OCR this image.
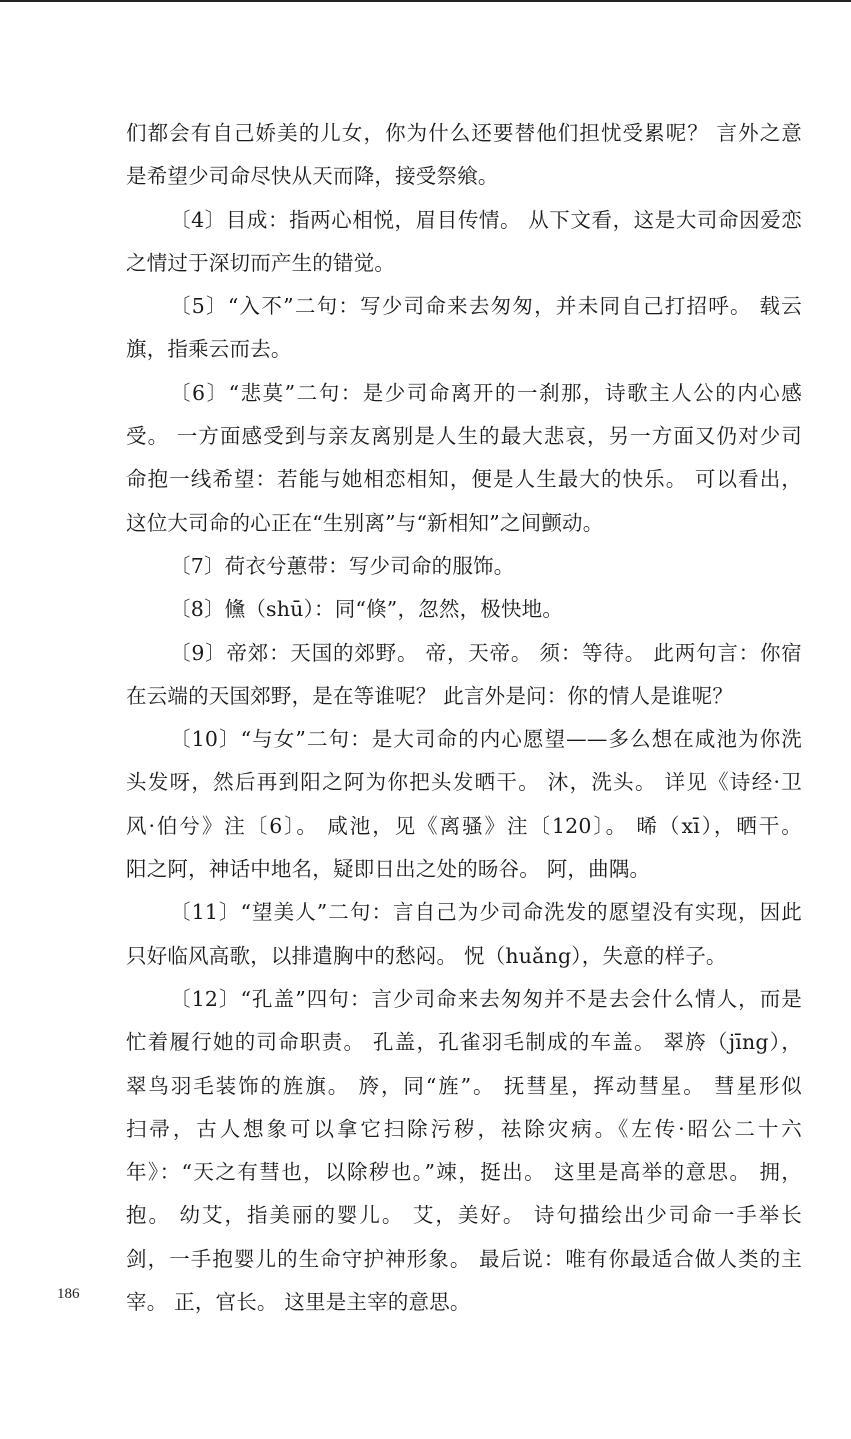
们都会有自己娇美的儿女，你为什么还要替他们担忧受累呢？ 言外之意
是希望少司命尽快从天而降，接受祭飨。
〔4〕目成：指两心相悦，眉目传情。 从下文看，这是大司命因爱恋
之情过于深切而产生的错觉。
〔5〕“入不”二句：写少司命来去匆匆，并未同自己打招呼。 载云
旗，指乘云而去。
〔6〕“悲莫”二句：是少司命离开的一刹那，诗歌主人公的内心感
受。 一方面感受到与亲友离别是人生的最大悲哀，另一方面又仍对少司
命抱一线希望：若能与她相恋相知，便是人生最大的快乐。 可以看出，
这位大司命的心正在“生别离”与“新相知”之间颤动。
〔7〕荷衣兮蕙带：写少司命的服饰。
〔8〕儵（shū）：同“倏”，忽然，极快地。
〔9〕帝郊：天国的郊野。 帝，天帝。 须：等待。 此两句言：你宿
在云端的天国郊野，是在等谁呢？ 此言外是问：你的情人是谁呢？
〔10〕“与女”二句：是大司命的内心愿望——多么想在咸池为你洗
头发呀，然后再到阳之阿为你把头发晒干。 沐，洗头。 详见《诗经·卫
风·伯兮》注〔6〕。 咸池，见《离骚》注〔120〕。 晞（xī），晒干。
阳之阿，神话中地名，疑即日出之处的旸谷。 阿，曲隅。
〔11〕“望美人”二句：言自己为少司命洗发的愿望没有实现，因此
只好临风高歌，以排遣胸中的愁闷。 怳（huǎng），失意的样子。
〔12〕“孔盖”四句：言少司命来去匆匆并不是去会什么情人，而是
忙着履行她的司命职责。 孔盖，孔雀羽毛制成的车盖。 翠旍（jīng），
翠鸟羽毛装饰的旌旗。 旍，同“旌”。 抚彗星，挥动彗星。 彗星形似
扫帚，古人想象可以拿它扫除污秽，祛除灾病。《左传·昭公二十六
年》：“天之有彗也，以除秽也。”竦，挺出。 这里是高举的意思。 拥，
抱。 幼艾，指美丽的婴儿。 艾，美好。 诗句描绘出少司命一手举长
剑，一手抱婴儿的生命守护神形象。 最后说：唯有你最适合做人类的主
宰。 正，官长。 这里是主宰的意思。
186
